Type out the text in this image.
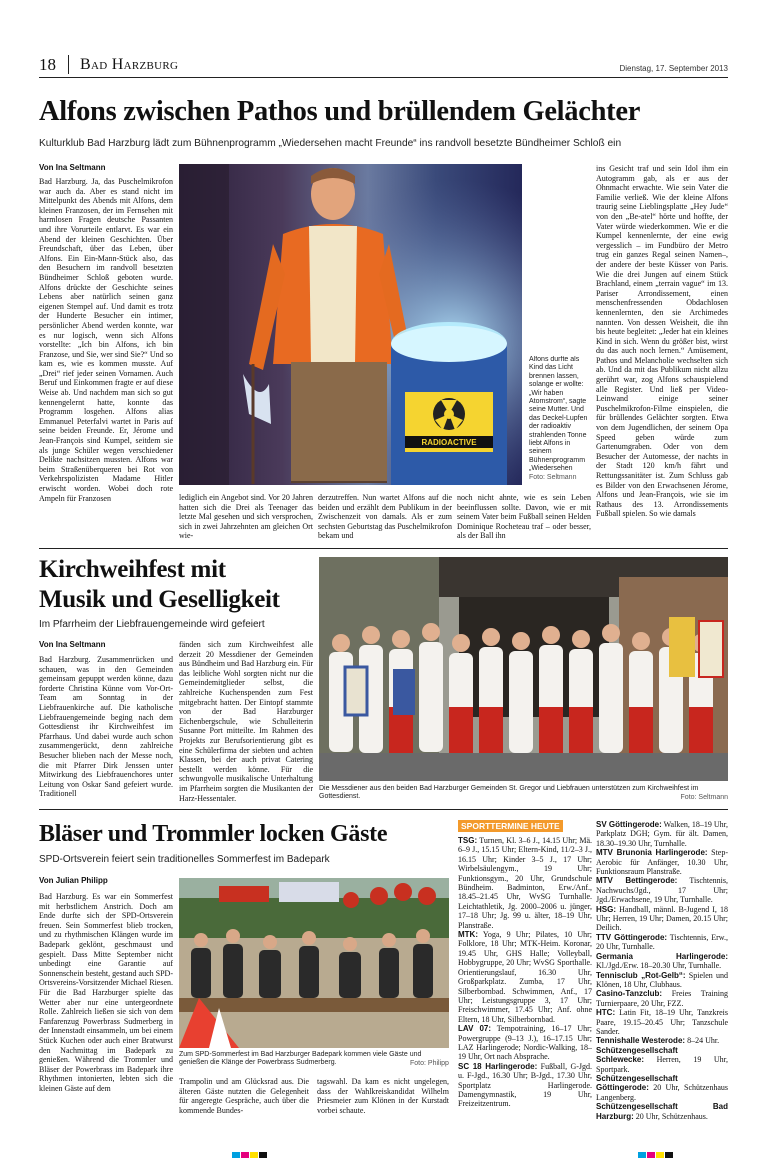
18 Bad Harzburg	Dienstag, 17. September 2013
Alfons zwischen Pathos und brüllendem Gelächter
Kulturklub Bad Harzburg lädt zum Bühnenprogramm „Wiedersehen macht Freunde“ ins randvoll besetzte Bündheimer Schloß ein
Von Ina Seltmann
Bad Harzburg. Ja, das Puschelmikrofon war auch da. Aber es stand nicht im Mittelpunkt des Abends mit Alfons, dem kleinen Franzosen, der im Fernsehen mit harmlosen Fragen deutsche Passanten und ihre Vorurteile entlarvt. Es war ein Abend der kleinen Geschichten. Über Freundschaft, über das Leben, über Alfons. Ein Ein-Mann-Stück also, das den Besuchern im randvoll besetzten Bündheimer Schloß geboten wurde. Alfons drückte der Geschichte seines Lebens aber natürlich seinen ganz eigenen Stempel auf. Und damit es trotz der Hunderte Besucher ein intimer, persönlicher Abend werden konnte, war es nur logisch, wenn sich Alfons vorstellte: „Ich bin Alfons, ich bin Franzose, und Sie, wer sind Sie?“ Und so kam es, wie es kommen musste. Auf „Drei“ rief jeder seinen Vornamen. Auch Beruf und Einkommen fragte er auf diese Weise ab. Und nachdem man sich so gut kennengelernt hatte, konnte das Programm losgehen. Alfons alias Emmanuel Peterfalvi wartet in Paris auf seine beiden Freunde. Er, Jérome und Jean-François sind Kumpel, seitdem sie als junge Schüler wegen verschiedener Delikte nachsitzen mussten. Alfons war beim Straßenüberqueren bei Rot von Verkehrspolizisten Madame Hitler erwischt worden. Wobei doch rote Ampeln für Franzosen
RADIOACTIVE
Alfons durfte als Kind das Licht brennen lassen, solange er wollte: „Wir haben Atomstrom“, sagte seine Mutter. Und das Deckel-Lupfen der radioaktiv strahlenden Tonne liebt Alfons in seinem Bühnenprogramm „Wiedersehen
Foto: Seltmann
lediglich ein Angebot sind. Vor 20 Jahren hatten sich die Drei als Teenager das letzte Mal gesehen und sich versprochen, sich in zwei Jahrzehnten am gleichen Ort wie-
derzutreffen. Nun wartet Alfons auf die beiden und erzählt dem Publikum in der Zwischenzeit von damals. Als er zum sechsten Geburtstag das Puschelmikrofon bekam und
noch nicht ahnte, wie es sein Leben beeinflussen sollte. Davon, wie er mit seinem Vater beim Fußball seinen Helden Dominique Rocheteau traf – oder besser, als der Ball ihn
ins Gesicht traf und sein Idol ihm ein Autogramm gab, als er aus der Ohnmacht erwachte. Wie sein Vater die Familie verließ. Wie der kleine Alfons traurig seine Lieblingsplatte „Hey Jude“ von den „Be-atel“ hörte und hoffte, der Vater würde wiederkommen. Wie er die Kumpel kennenlernte, der eine ewig vergesslich – im Fundbüro der Metro trug ein ganzes Regal seinen Namen–, der andere der beste Küsser von Paris. Wie die drei Jungen auf einem Stück Brachland, einem „terrain vague“ im 13. Pariser Arrondissement, einen menschenfressenden Obdachlosen kennenlernten, den sie Archimedes nannten. Von dessen Weisheit, die ihn bis heute begleitet: „Jeder hat ein kleines Kind in sich. Wenn du größer bist, wirst du das auch noch lernen.“ Amüsement, Pathos und Melancholie wechselten sich ab. Und da mit das Publikum nicht allzu gerührt war, zog Alfons schauspielend alle Register. Und ließ per Video-Leinwand einige seiner Puschelmikrofon-Filme einspielen, die für brüllendes Gelächter sorgten. Etwa von dem Jugendlichen, der seinem Opa Speed geben würde zum Gartenumgraben. Oder von dem Besucher der Automesse, der nachts in der Stadt 120 km/h fährt und Rettungssanitäter ist. Zum Schluss gab es Bilder von den Erwachsenen Jérome, Alfons und Jean-François, wie sie im Rathaus des 13. Arrondissements Fußball spielen. So wie damals
Kirchweihfest mit
Musik und Geselligkeit
Im Pfarrheim der Liebfrauengemeinde wird gefeiert
Von Ina Seltmann
Bad Harzburg. Zusammenrücken und schauen, was in den Gemeinden gemeinsam gepuppt werden könne, dazu forderte Christina Künne vom Vor-Ort-Team am Sonntag in der Liebfrauenkirche auf. Die katholische Liebfrauengemeinde beging nach dem Gottesdienst ihr Kirchweihfest im Pfarrhaus. Und dabei wurde auch schon zusammengerückt, denn zahlreiche Besucher blieben nach der Messe noch, die mit Pfarrer Dirk Jenssen unter Mitwirkung des Liebfrauenchores unter Leitung von Oskar Sand gefeiert wurde. Traditionell
fänden sich zum Kirchweihfest alle derzeit 20 Messdiener der Gemeinden aus Bündheim und Bad Harzburg ein. Für das leibliche Wohl sorgten nicht nur die Gemeindemitglieder selbst, die zahlreiche Kuchenspenden zum Fest mitgebracht hatten. Der Eintopf stammte von der Bad Harzburger Eichenbergschule, wie Schulleiterin Susanne Port mitteilte. Im Rahmen des Projekts zur Berufsorientierung gibt es eine Schülerfirma der siebten und achten Klassen, bei der auch privat Catering bestellt werden könne. Für die schwungvolle musikalische Unterhaltung im Pfarrheim sorgten die Musikanten der Harz-Hessentaler.
Die Messdiener aus den beiden Bad Harzburger Gemeinden St. Gregor und Liebfrauen unterstützen zum Kirchweihfest im Gottesdienst.	Foto: Seltmann
Bläser und Trommler locken Gäste
SPD-Ortsverein feiert sein traditionelles Sommerfest im Badepark
Von Julian Philipp
Bad Harzburg. Es war ein Sommerfest mit herbstlichem Anstrich. Doch am Ende durfte sich der SPD-Ortsverein freuen. Sein Sommerfest blieb trocken, und zu rhythmischen Klängen wurde im Badepark geklönt, geschmaust und gespielt. Dass Mitte September nicht unbedingt eine Garantie auf Sonnenschein besteht, gestand auch SPD-Ortsvereins-Vorsitzender Michael Riesen. Für die Bad Harzburger spielte das Wetter aber nur eine untergeordnete Rolle. Zahlreich ließen sie sich von dem Fanfarenzug Powerbrass Sudmerberg in der Innenstadt einsammeln, um bei einem Stück Kuchen oder auch einer Bratwurst den Nachmittag im Badepark zu genießen. Während die Trommler und Bläser der Powerbrass im Badepark ihre Rhythmen intonierten, lebten sich die kleinen Gäste auf dem
Zum SPD-Sommerfest im Bad Harzburger Badepark kommen viele Gäste und genießen die Klänge der Powerbrass Sudmerberg.	Foto: Philipp
Trampolin und am Glücksrad aus. Die älteren Gäste nutzten die Gelegenheit für angeregte Gespräche, auch über die kommende Bundes-
tagswahl. Da kam es nicht ungelegen, dass der Wahlkreiskandidat Wilhelm Priesmeier zum Klönen in der Kurstadt vorbei schaute.
SPORTTERMINE HEUTE
TSG: Turnen, Kl. 3–6 J., 14.15 Uhr; Mä. 6–9 J., 15.15 Uhr; Eltern-Kind, 11/2–3 J., 16.15 Uhr; Kinder 3–5 J., 17 Uhr; Wirbelsäulengym., 19 Uhr; Funktionsgym., 20 Uhr, Grundschule Bündheim. Badminton, Erw./Anf., 18.45–21.45 Uhr, WvSG Turnhalle. Leichtathletik, Jg. 2000–2006 u. jünger, 17–18 Uhr; Jg. 99 u. älter, 18–19 Uhr, Planstraße.
MTK: Yoga, 9 Uhr; Pilates, 10 Uhr; Folklore, 18 Uhr; MTK-Heim. Koronar, 19.45 Uhr, GHS Halle; Volleyball, Hobbygruppe, 20 Uhr; WvSG Sporthalle. Orientierungslauf, 16.30 Uhr, Großparkplatz. Zumba, 17 Uhr, Silberbornbad. Schwimmen, Anf., 17 Uhr; Leistungsgruppe 3, 17 Uhr; Freischwimmer, 17.45 Uhr; Anf. ohne Eltern, 18 Uhr, Silberbornbad.
LAV 07: Tempotraining, 16–17 Uhr; Powergruppe (9–13 J.), 16–17.15 Uhr; LAZ Harlingerode; Nordic-Walking, 18–19 Uhr, Ort nach Absprache.
SC 18 Harlingerode: Fußball, G-Jgd. u. F-Jgd., 16.30 Uhr; B-Jgd., 17.30 Uhr, Sportplatz Harlingerode. Damengymnastik, 19 Uhr, Freizeitzentrum.
SV Göttingerode: Walken, 18–19 Uhr, Parkplatz DGH; Gym. für ält. Damen, 18.30–19.30 Uhr, Turnhalle.
MTV Brunonia Harlingerode: Step-Aerobic für Anfänger, 10.30 Uhr, Funktionsraum Planstraße.
MTV Bettingerode: Tischtennis, Nachwuchs/Jgd., 17 Uhr; Jgd./Erwachsene, 19 Uhr, Turnhalle.
HSG: Handball, männl. B-Jugend I, 18 Uhr; Herren, 19 Uhr; Damen, 20.15 Uhr; Deilich.
TTV Göttingerode: Tischtennis, Erw., 20 Uhr, Turnhalle.
Germania Harlingerode: Kl./Jgd./Erw. 18–20.30 Uhr, Turnhalle.
Tennisclub „Rot-Gelb“: Spielen und Klönen, 18 Uhr, Clubhaus.
Casino-Tanzclub: Freies Training Turnierpaare, 20 Uhr, FZZ.
HTC: Latin Fit, 18–19 Uhr, Tanzkreis Paare, 19.15–20.45 Uhr; Tanzschule Sander.
Tennishalle Westerode: 8–24 Uhr.
Schützengesellschaft Schlewecke: Herren, 19 Uhr, Sportpark.
Schützengesellschaft Göttingerode: 20 Uhr, Schützenhaus Langenberg.
Schützengesellschaft Bad Harzburg: 20 Uhr, Schützenhaus.
